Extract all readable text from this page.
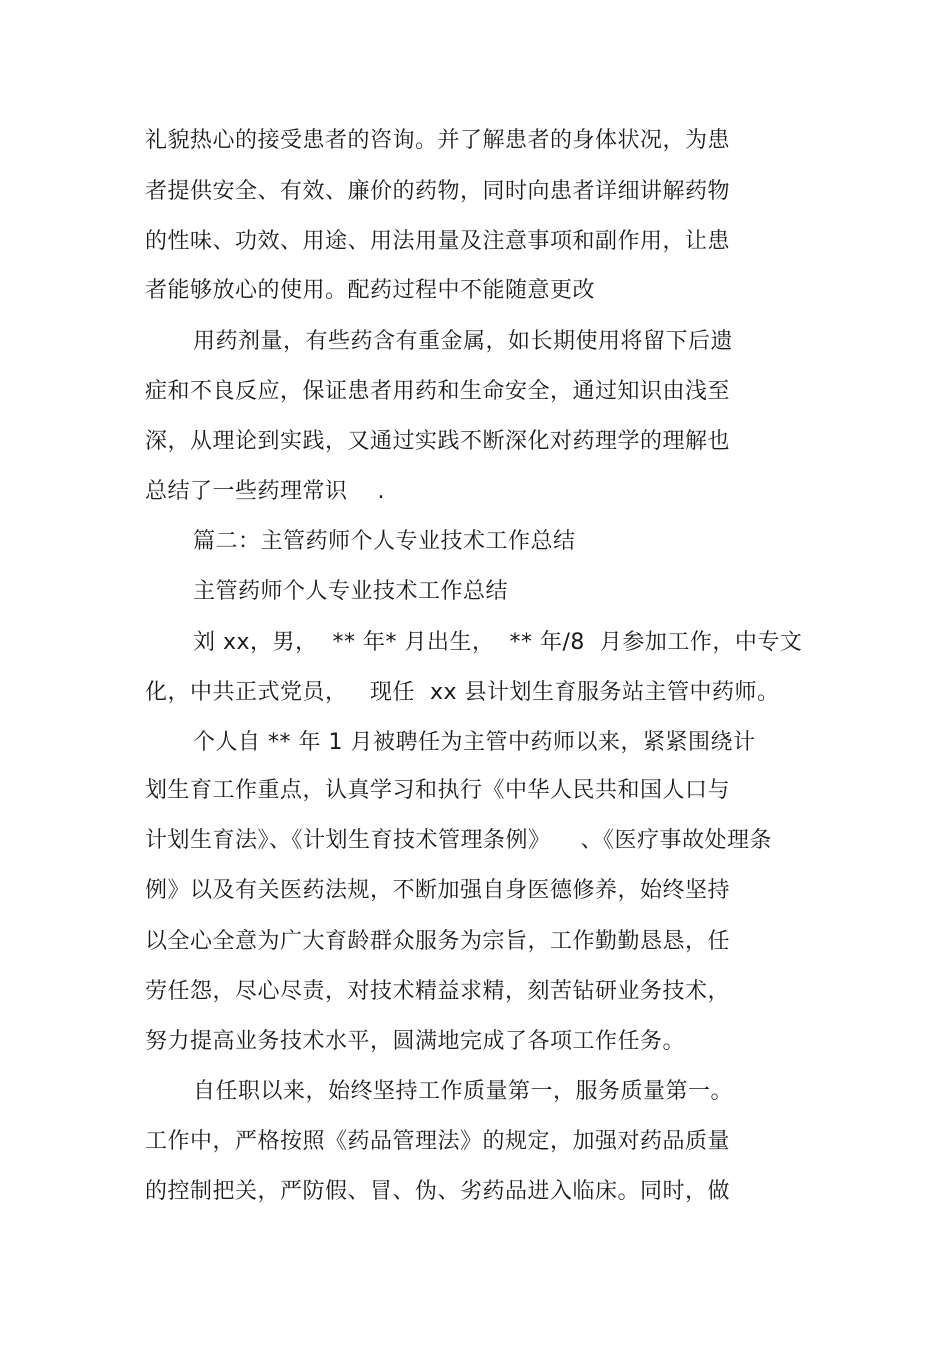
礼貌热心的接受患者的咨询。并了解患者的身体状况，为患
者提供安全、有效、廉价的药物，同时向患者详细讲解药物
的性味、功效、用途、用法用量及注意事项和副作用，让患
者能够放心的使用。配药过程中不能随意更改
用药剂量，有些药含有重金属，如长期使用将留下后遗
症和不良反应，保证患者用药和生命安全，通过知识由浅至
深，从理论到实践，又通过实践不断深化对药理学的理解也
总结了一些药理常识    .
篇二：主管药师个人专业技术工作总结
主管药师个人专业技术工作总结
刘 xx，男，  ** 年* 月出生，  ** 年/8  月参加工作，中专文
化，中共正式党员，   现任  xx 县计划生育服务站主管中药师。
个人自 ** 年 1 月被聘任为主管中药师以来，紧紧围绕计
划生育工作重点，认真学习和执行《中华人民共和国人口与
计划生育法》、《计划生育技术管理条例》    、《医疗事故处理条
例》以及有关医药法规，不断加强自身医德修养，始终坚持
以全心全意为广大育龄群众服务为宗旨，工作勤勤恳恳，任
劳任怨，尽心尽责，对技术精益求精，刻苦钻研业务技术，
努力提高业务技术水平，圆满地完成了各项工作任务。
自任职以来，始终坚持工作质量第一，服务质量第一。
工作中，严格按照《药品管理法》的规定，加强对药品质量
的控制把关，严防假、冒、伪、劣药品进入临床。同时，做
